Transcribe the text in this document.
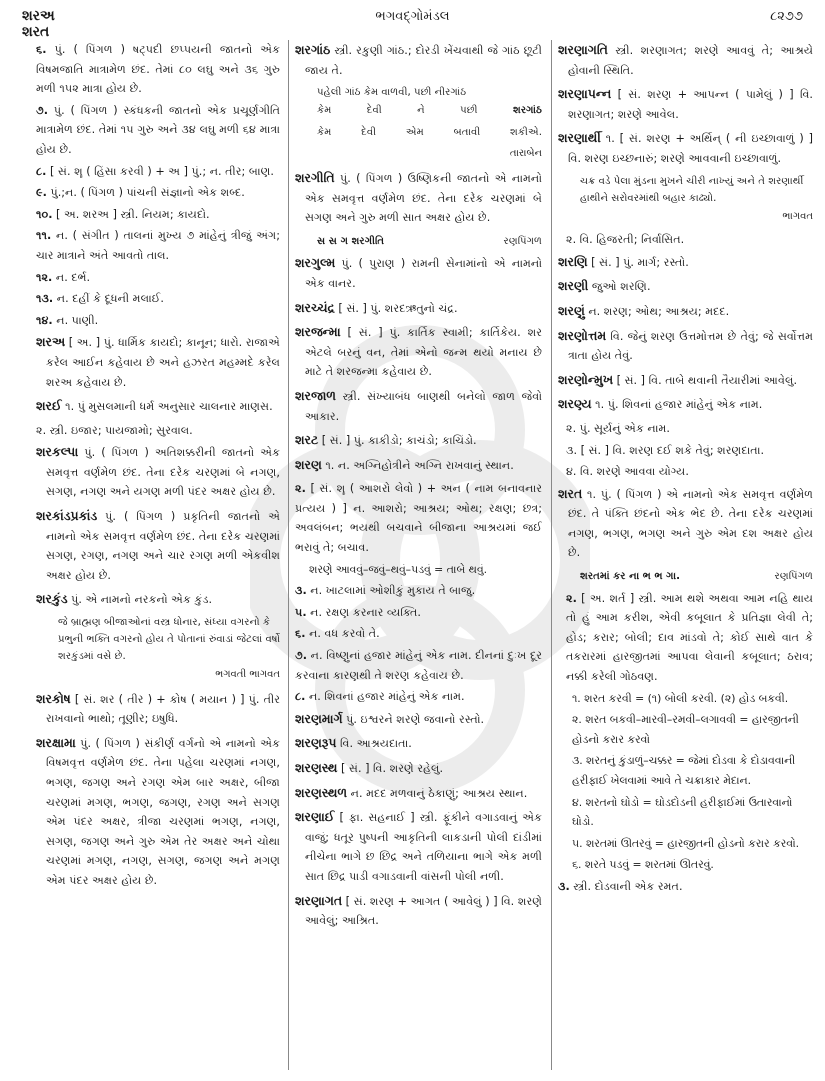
શરઅ
શરત
ભગવદ્ગોમંડલ	૮૨૭૭
૬. પું. ( પિંગળ ) ષટ્પદી છપ્પયની જાતનો એક વિષમજાતિ માત્રામેળ છંદ. તેમાં ૮૦ લઘુ અને ૩૬ ગુરુ મળી ૧૫૨ માત્રા હોય છે.
૭. પું. ( પિંગળ ) સ્કંધકની જાતનો એક પ્રચૂર્ણગીતિ માત્રામેળ છંદ. તેમાં ૧૫ ગુરુ અને ૩૪ લઘુ મળી ૬૪ માત્રા હોય છે.
૮. [ સં. શૄ ( હિંસા કરવી ) + અ ] પું.; ન. તીર; બાણ.
૯. પું.;ન. ( પિંગળ ) પાંચની સંજ્ઞાનો એક શબ્દ.
૧૦. [ અ. શરઅ ] સ્ત્રી. નિયમ; કાયદો.
૧૧. ન. ( સંગીત ) તાલનાં મુખ્ય ૭ માંહેનું ત્રીજું અંગ; ચાર માત્રાને અંતે આવતો તાલ.
૧૨. ન. દર્ભ.
૧૩. ન. દહીં કે દૂધની મલાઈ.
૧૪. ન. પાણી.
શરઅ [ અ. ] પું. ધાર્મિક કાયદો; કાનૂન; ધારો. રાજાએ કરેલ આઈન કહેવાય છે અને હઝરત મહમ્મદે કરેલ શરઅ કહેવાય છે.
શરઈ ૧. પું મુસલમાની ધર્મ અનુસાર ચાલનાર માણસ.
૨. સ્ત્રી. ઇજાર; પાયજામો; સુરવાલ.
શરકલ્પા પું. ( પિંગળ ) અતિશક્કરીની જાતનો એક સમવૃત્ત વર્ણમેળ છંદ. તેના દરેક ચરણમાં બે નગણ, સગણ, નગણ અને યગણ મળી પંદર અક્ષર હોય છે.
શરકાંડપ્રકાંડ પું. ( પિંગળ ) પ્રકૃતિની જાતનો એ નામનો એક સમવૃત્ત વર્ણમેળ છંદ. તેના દરેક ચરણમાં સગણ, રગણ, નગણ અને ચાર રગણ મળી એકવીશ અક્ષર હોય છે.
શરકુંડ પું. એ નામનો નરકનો એક કુંડ.
જે બ્રાહ્મણ બીજાઓનાં વસ્ત્ર ધોનાર, સંધ્યા વગરનો કે પ્રભુની ભક્તિ વગરનો હોય તે પોતાનાં રુંવાડાં જેટલાં વર્ષો શરકુંડમાં વસે છે.
ભગવતી ભાગવત
શરકોષ [ સં. શર ( તીર ) + કોષ ( મયાન ) ] પું. તીર રાખવાનો ભાથો; તૂણીર; ઇષુધિ.
શરક્ષામા પું. ( પિંગળ ) સંકીર્ણ વર્ગનો એ નામનો એક વિષમવૃત્ત વર્ણમેળ છંદ. તેના પહેલા ચરણમાં નગણ, ભગણ, જગણ અને રગણ એમ બાર અક્ષર, બીજા ચરણમાં મગણ, ભગણ, જગણ, રગણ અને સગણ એમ પંદર અક્ષર, ત્રીજા ચરણમાં ભગણ, નગણ, સગણ, જગણ અને ગુરુ એમ તેર અક્ષર અને ચોથા ચરણમાં મગણ, નગણ, સગણ, જગણ અને મગણ એમ પંદર અક્ષર હોય છે.
શરગાંઠ સ્ત્રી. રકુણી ગાંઠ.; દોરડી ખેંચવાથી જે ગાંઠ છૂટી જાય તે.
પહેલી ગાંઠ કેમ વાળવી, પછી નીરગાંઠ
કેમ	દેવી	ને	પછી	શરગાંઠ
કેમ	દેવી	એમ	બતાવી	શકીએ.
તારાબેન
શરગીતિ પું. ( પિંગળ ) ઉષ્ણિકની જાતનો એ નામનો એક સમવૃત્ત વર્ણમેળ છંદ. તેના દરેક ચરણમાં બે સગણ અને ગુરુ મળી સાત અક્ષર હોય છે.
સ સ ગ શરગીતિ	રણપિંગળ
શરગુલ્મ પું. ( પુરાણ ) રામની સેનામાંનો એ નામનો એક વાનર.
શરચ્ચંદ્ર [ સં. ] પું. શરદઋતુનો ચંદ્ર.
શરજન્મા [ સં. ] પું. કાર્તિક સ્વામી; કાર્તિકેય. શર એટલે બરનું વન, તેમાં એનો જન્મ થયો મનાય છે માટે તે શરજન્મા કહેવાય છે.
શરજાળ સ્ત્રી. સંખ્યાબંધ બાણથી બનેલો જાળ જેવો આકાર.
શરટ [ સં. ] પું. કાકીડો; કાચંડો; કાચિંડો.
શરણ ૧. ન. અગ્નિહોત્રીને અગ્નિ રાખવાનું સ્થાન.
૨. [ સં. શૄ ( આશરો લેવો ) + અન ( નામ બનાવનાર પ્રત્યય ) ] ન. આશરો; આશ્રય; ઓથ; રક્ષણ; છત્ર; અવલંબન; ભયથી બચવાને બીજાના આશ્રયમાં જઈ ભરાવું તે; બચાવ.
શરણે આવવું–જવું–થવું–પડવું = તાબે થવું.
૩. ન. ખાટલામાં ઓશીકું મુકાય તે બાજુ.
૫. ન. રક્ષણ કરનાર વ્યક્તિ.
૬. ન. વધ કરવો તે.
૭. ન. વિષ્ણુનાં હજાર માંહેનું એક નામ. દીનનાં દુઃખ દૂર કરવાના કારણથી તે શરણ કહેવાય છે.
૮. ન. શિવનાં હજાર માંહેનું એક નામ.
શરણમાર્ગ પું. ઇશ્વરને શરણે જવાનો રસ્તો.
શરણરૂપ વિ. આશ્રયદાતા.
શરણસ્થ [ સં. ] વિ. શરણે રહેલું.
શરણસ્થળ ન. મદદ મળવાનું ઠેકાણું; આશ્રય સ્થાન.
શરણાઈ [ ફા. સહનાઈ ] સ્ત્રી. ફૂંકીને વગાડવાનું એક વાજું; ધતૂર પુષ્પની આકૃતિની લાકડાની પોલી દાંડીમાં નીચેના ભાગે છ છિદ્ર અને તળિયાના ભાગે એક મળી સાત છિદ્ર પાડી વગાડવાની વાંસની પોલી નળી.
શરણાગત [ સં. શરણ + આગત ( આવેલું ) ] વિ. શરણે આવેલું; આશ્રિત.
શરણાગતિ સ્ત્રી. શરણાગત; શરણે આવવું તે; આશ્રયે હોવાની સ્થિતિ.
શરણાપન્ન [ સં. શરણ + આપન્ન ( પામેલું ) ] વિ. શરણાગત; શરણે આવેલ.
શરણાર્થી ૧. [ સં. શરણ + અર્થિન્ ( ની ઇચ્છાવાળું ) ] વિ. શરણ ઇચ્છનારું; શરણે આવવાની ઇચ્છાવાળું.
ચક્ર વડે પેલા મુંડના મુખને ચીરી નાખ્યું અને તે શરણાર્થી હાથીને સરોવરમાંથી બહાર કાઢ્યો.
ભાગવત
૨. વિ. હિજરતી; નિર્વાસિત.
શરણિ [ સં. ] પું. માર્ગ; રસ્તો.
શરણી જુઓ શરણિ.
શરણું ન. શરણ; ઓથ; આશ્રય; મદદ.
શરણોત્તમ વિ. જેનું શરણ ઉત્તમોત્તમ છે તેવું; જે સર્વોત્તમ ત્રાતા હોય તેવું.
શરણોન્મુખ [ સં. ] વિ. તાબે થવાની તૈયારીમાં આવેલું.
શરણ્ય ૧. પું. શિવનાં હજાર માંહેનું એક નામ.
૨. પું. સૂર્યનું એક નામ.
૩. [ સં. ] વિ. શરણ દઈ શકે તેવું; શરણદાતા.
૪. વિ. શરણે આવવા યોગ્ય.
શરત ૧. પું. ( પિંગળ ) એ નામનો એક સમવૃત્ત વર્ણમેળ છંદ. તે પંક્તિ છંદનો એક ભેદ છે. તેના દરેક ચરણમાં નગણ, ભગણ, ભગણ અને ગુરુ એમ દશ અક્ષર હોય છે.
શરતમાં કર ના ભ ભ ગા.	રણપિંગળ
૨. [ અ. શર્ત ] સ્ત્રી. આમ થશે અથવા આમ નહિ થાય તો હું આમ કરીશ, એવી કબૂલાત કે પ્રતિજ્ઞા લેવી તે; હોડ; કરાર; બોલી; દાવ માંડવો તે; કોઈ સાથે વાત કે તકરારમાં હારજીતમાં આપવા લેવાની કબૂલાત; ઠરાવ; નક્કી કરેલી ગોઠવણ.
૧. શરત કરવી = (૧) બોલી કરવી. (૨) હોડ બકવી.
૨. શરત બકવી–મારવી–રમવી–લગાવવી = હારજીતની હોડનો કરાર કરવો
૩. શરતનું કુંડાળું–ચક્કર = જેમાં દોડવા કે દોડાવવાની હરીફાઈ ખેલવામાં આવે તે ચક્રાકાર મેદાન.
૪. શરતનો ઘોડો = ઘોડદોડની હરીફાઈમાં ઉતારવાનો ઘોડો.
૫. શરતમાં ઊતરવું = હારજીતની હોડનો કરાર કરવો.
૬. શરતે પડવું = શરતમાં ઊતરવું.
૩. સ્ત્રી. દોડવાની એક રમત.
